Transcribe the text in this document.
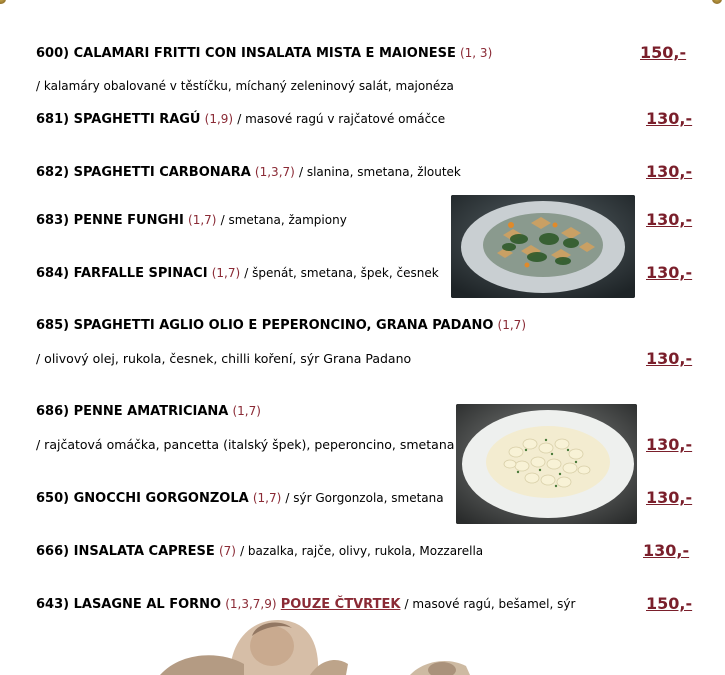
600) CALAMARI FRITTI CON INSALATA MISTA E MAIONESE (1, 3)	150,-
/ kalamáry obalované v těstíčku, míchaný zeleninový salát, majonéza
681) SPAGHETTI RAGÚ (1,9) / masové ragú v rajčatové omáčce	130,-
682) SPAGHETTI CARBONARA (1,3,7) / slanina, smetana, žloutek	130,-
683) PENNE FUNGHI (1,7) / smetana, žampiony	130,-
684) FARFALLE SPINACI (1,7) / špenát, smetana, špek, česnek	130,-
685) SPAGHETTI AGLIO OLIO E PEPERONCINO, GRANA PADANO (1,7)
/ olivový olej, rukola, česnek, chilli koření, sýr Grana Padano	130,-
686) PENNE AMATRICIANA (1,7)
/ rajčatová omáčka, pancetta (italský špek), peperoncino, smetana	130,-
650) GNOCCHI GORGONZOLA (1,7) / sýr Gorgonzola, smetana	130,-
666) INSALATA CAPRESE (7) / bazalka, rajče, olivy, rukola, Mozzarella	130,-
643) LASAGNE AL FORNO (1,3,7,9) POUZE ČTVRTEK / masové ragú, bešamel, sýr	150,-
